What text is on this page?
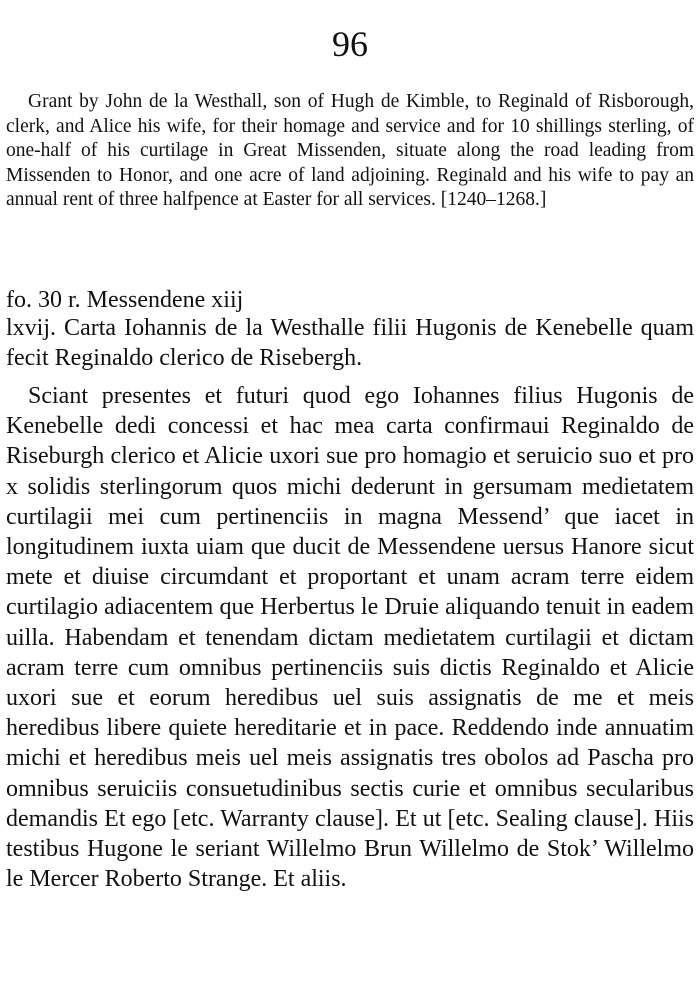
96

Grant by John de la Westhall, son of Hugh de Kimble, to Reginald of Risborough, clerk, and Alice his wife, for their homage and service and for 10 shillings sterling, of one-half of his curtilage in Great Missenden, situate along the road leading from Missenden to Honor, and one acre of land adjoining. Reginald and his wife to pay an annual rent of three halfpence at Easter for all services. [1240–1268.]

fo. 30 r. Messendene xiij

lxvij. Carta Iohannis de la Westhalle filii Hugonis de Kenebelle quam fecit Reginaldo clerico de Risebergh.

Sciant presentes et futuri quod ego Iohannes filius Hugonis de Kenebelle dedi concessi et hac mea carta confirmaui Reginaldo de Riseburgh clerico et Alicie uxori sue pro homagio et seruicio suo et pro x solidis sterlingorum quos michi dederunt in gersumam medietatem curtilagii mei cum pertinenciis in magna Messend’ que iacet in longitudinem iuxta uiam que ducit de Messendene uersus Hanore sicut mete et diuise circumdant et proportant et unam acram terre eidem curtilagio adiacentem que Herbertus le Druie aliquando tenuit in eadem uilla. Habendam et tenendam dictam medietatem curtilagii et dictam acram terre cum omnibus pertinenciis suis dictis Reginaldo et Alicie uxori sue et eorum heredibus uel suis assignatis de me et meis heredibus libere quiete hereditarie et in pace. Reddendo inde annuatim michi et heredibus meis uel meis assignatis tres obolos ad Pascha pro omnibus seruiciis consuetudinibus sectis curie et omnibus secularibus demandis Et ego [etc. Warranty clause]. Et ut [etc. Sealing clause]. Hiis testibus Hugone le seriant Willelmo Brun Willelmo de Stok’ Willelmo le Mercer Roberto Strange. Et aliis.
